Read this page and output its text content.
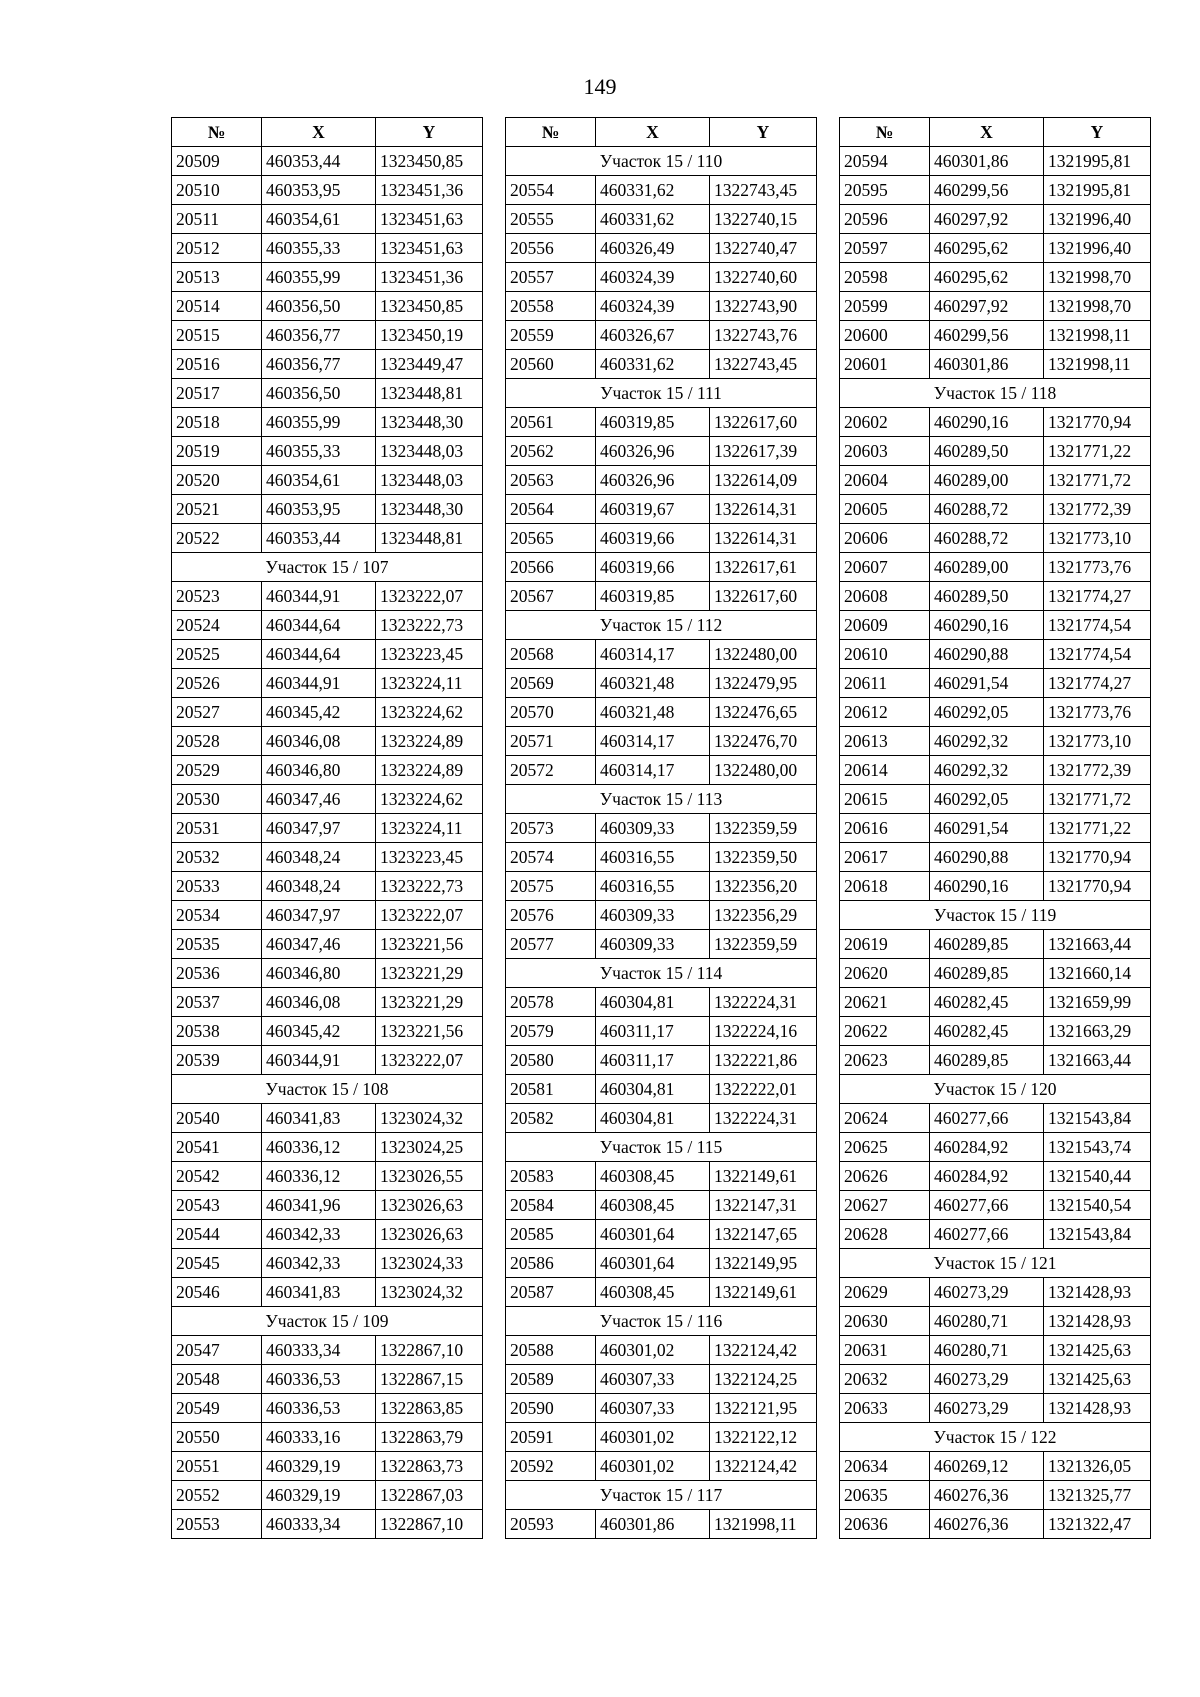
149
№	X	Y
20509	460353,44	1323450,85
20510	460353,95	1323451,36
20511	460354,61	1323451,63
20512	460355,33	1323451,63
20513	460355,99	1323451,36
20514	460356,50	1323450,85
20515	460356,77	1323450,19
20516	460356,77	1323449,47
20517	460356,50	1323448,81
20518	460355,99	1323448,30
20519	460355,33	1323448,03
20520	460354,61	1323448,03
20521	460353,95	1323448,30
20522	460353,44	1323448,81
Участок 15 / 107		
20523	460344,91	1323222,07
20524	460344,64	1323222,73
20525	460344,64	1323223,45
20526	460344,91	1323224,11
20527	460345,42	1323224,62
20528	460346,08	1323224,89
20529	460346,80	1323224,89
20530	460347,46	1323224,62
20531	460347,97	1323224,11
20532	460348,24	1323223,45
20533	460348,24	1323222,73
20534	460347,97	1323222,07
20535	460347,46	1323221,56
20536	460346,80	1323221,29
20537	460346,08	1323221,29
20538	460345,42	1323221,56
20539	460344,91	1323222,07
Участок 15 / 108		
20540	460341,83	1323024,32
20541	460336,12	1323024,25
20542	460336,12	1323026,55
20543	460341,96	1323026,63
20544	460342,33	1323026,63
20545	460342,33	1323024,33
20546	460341,83	1323024,32
Участок 15 / 109		
20547	460333,34	1322867,10
20548	460336,53	1322867,15
20549	460336,53	1322863,85
20550	460333,16	1322863,79
20551	460329,19	1322863,73
20552	460329,19	1322867,03
20553	460333,34	1322867,10
№	X	Y
Участок 15 / 110		
20554	460331,62	1322743,45
20555	460331,62	1322740,15
20556	460326,49	1322740,47
20557	460324,39	1322740,60
20558	460324,39	1322743,90
20559	460326,67	1322743,76
20560	460331,62	1322743,45
Участок 15 / 111		
20561	460319,85	1322617,60
20562	460326,96	1322617,39
20563	460326,96	1322614,09
20564	460319,67	1322614,31
20565	460319,66	1322614,31
20566	460319,66	1322617,61
20567	460319,85	1322617,60
Участок 15 / 112		
20568	460314,17	1322480,00
20569	460321,48	1322479,95
20570	460321,48	1322476,65
20571	460314,17	1322476,70
20572	460314,17	1322480,00
Участок 15 / 113		
20573	460309,33	1322359,59
20574	460316,55	1322359,50
20575	460316,55	1322356,20
20576	460309,33	1322356,29
20577	460309,33	1322359,59
Участок 15 / 114		
20578	460304,81	1322224,31
20579	460311,17	1322224,16
20580	460311,17	1322221,86
20581	460304,81	1322222,01
20582	460304,81	1322224,31
Участок 15 / 115		
20583	460308,45	1322149,61
20584	460308,45	1322147,31
20585	460301,64	1322147,65
20586	460301,64	1322149,95
20587	460308,45	1322149,61
Участок 15 / 116		
20588	460301,02	1322124,42
20589	460307,33	1322124,25
20590	460307,33	1322121,95
20591	460301,02	1322122,12
20592	460301,02	1322124,42
Участок 15 / 117		
20593	460301,86	1321998,11
№	X	Y
20594	460301,86	1321995,81
20595	460299,56	1321995,81
20596	460297,92	1321996,40
20597	460295,62	1321996,40
20598	460295,62	1321998,70
20599	460297,92	1321998,70
20600	460299,56	1321998,11
20601	460301,86	1321998,11
Участок 15 / 118		
20602	460290,16	1321770,94
20603	460289,50	1321771,22
20604	460289,00	1321771,72
20605	460288,72	1321772,39
20606	460288,72	1321773,10
20607	460289,00	1321773,76
20608	460289,50	1321774,27
20609	460290,16	1321774,54
20610	460290,88	1321774,54
20611	460291,54	1321774,27
20612	460292,05	1321773,76
20613	460292,32	1321773,10
20614	460292,32	1321772,39
20615	460292,05	1321771,72
20616	460291,54	1321771,22
20617	460290,88	1321770,94
20618	460290,16	1321770,94
Участок 15 / 119		
20619	460289,85	1321663,44
20620	460289,85	1321660,14
20621	460282,45	1321659,99
20622	460282,45	1321663,29
20623	460289,85	1321663,44
Участок 15 / 120		
20624	460277,66	1321543,84
20625	460284,92	1321543,74
20626	460284,92	1321540,44
20627	460277,66	1321540,54
20628	460277,66	1321543,84
Участок 15 / 121		
20629	460273,29	1321428,93
20630	460280,71	1321428,93
20631	460280,71	1321425,63
20632	460273,29	1321425,63
20633	460273,29	1321428,93
Участок 15 / 122		
20634	460269,12	1321326,05
20635	460276,36	1321325,77
20636	460276,36	1321322,47
